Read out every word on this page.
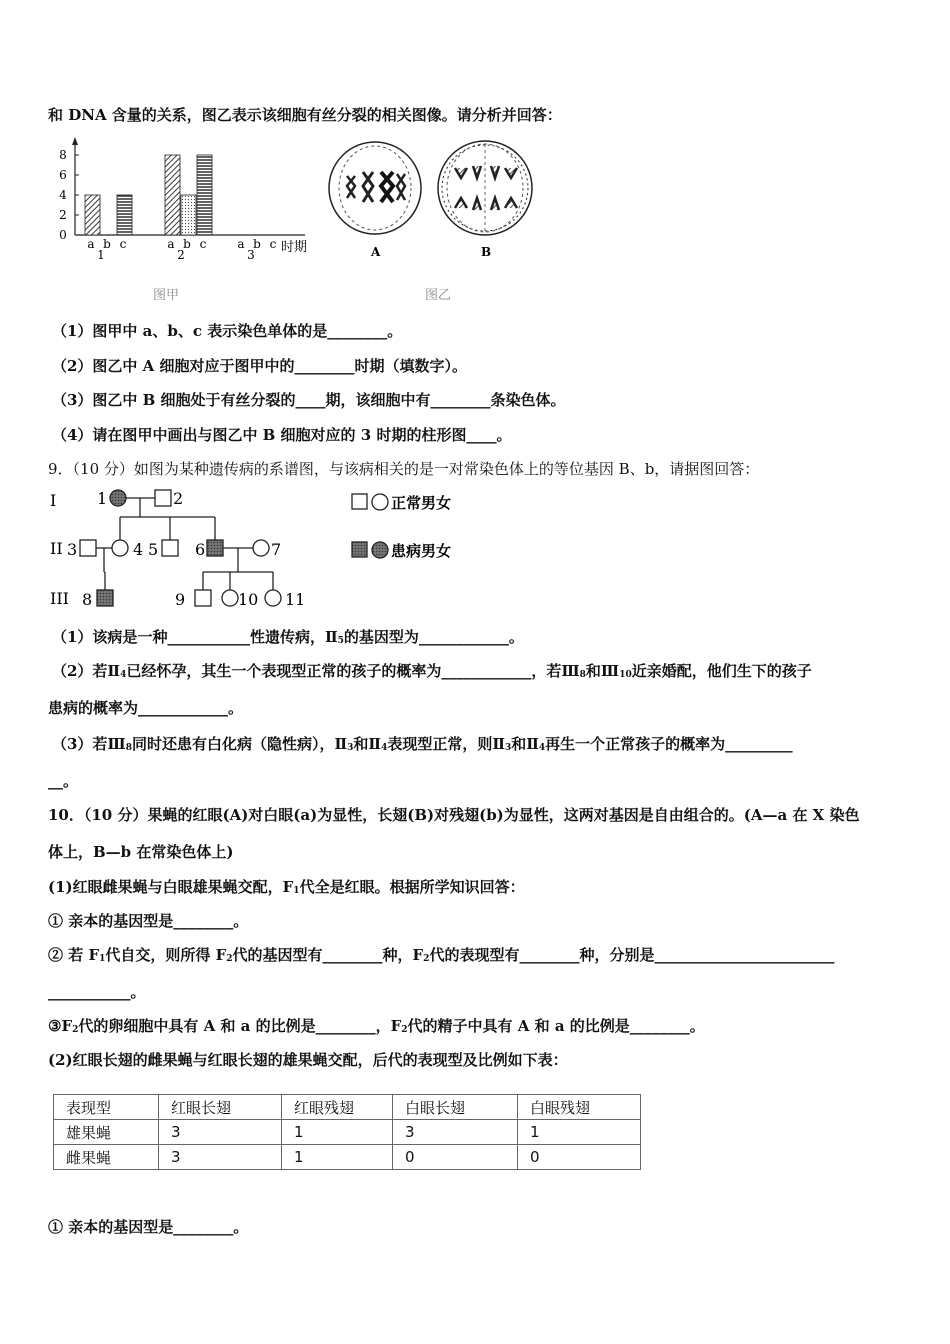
和 DNA 含量的关系，图乙表示该细胞有丝分裂的相关图像。请分析并回答：
时期
0
2
4
6
8
a b c
1
a b c
2
a b c
3
图甲
A	B
图乙
（1）图甲中 a、b、c 表示染色单体的是________。
（2）图乙中 A 细胞对应于图甲中的________时期（填数字）。
（3）图乙中 B 细胞处于有丝分裂的____期，该细胞中有________条染色体。
（4）请在图甲中画出与图乙中 B 细胞对应的 3 时期的柱形图____。
9．（10 分）如图为某种遗传病的系谱图，与该病相关的是一对常染色体上的等位基因 B、b，请据图回答：
I
II
III
1	2
3	4 5 6	7
8	9	10 11
正常男女
患病男女
（1）该病是一种___________性遗传病，Ⅱ5的基因型为____________。
（2）若Ⅱ4已经怀孕，其生一个表现型正常的孩子的概率为____________，若Ⅲ8和Ⅲ10近亲婚配，他们生下的孩子
患病的概率为____________。
（3）若Ⅲ8同时还患有白化病（隐性病），Ⅱ3和Ⅱ4表现型正常，则Ⅱ3和Ⅱ4再生一个正常孩子的概率为_________
__。
10．（10 分）果蝇的红眼(A)对白眼(a)为显性，长翅(B)对残翅(b)为显性，这两对基因是自由组合的。(A—a 在 X 染色
体上，B—b 在常染色体上)
(1)红眼雌果蝇与白眼雄果蝇交配，F1代全是红眼。根据所学知识回答：
① 亲本的基因型是________。
② 若 F1代自交，则所得 F2代的基因型有________种，F2代的表现型有________种，分别是________________________
___________。
③F2代的卵细胞中具有 A 和 a 的比例是________，F2代的精子中具有 A 和 a 的比例是________。
(2)红眼长翅的雌果蝇与红眼长翅的雄果蝇交配，后代的表现型及比例如下表：
表现型	红眼长翅	红眼残翅	白眼长翅	白眼残翅
雄果蝇	3	1	3	1
雌果蝇	3	1	0	0
① 亲本的基因型是________。
